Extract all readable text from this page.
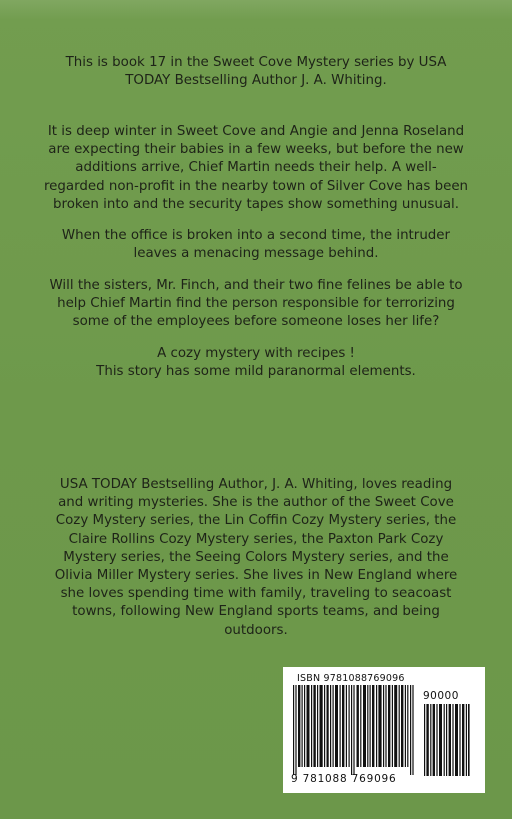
This is book 17 in the Sweet Cove Mystery series by USA
TODAY Bestselling Author J. A. Whiting.
It is deep winter in Sweet Cove and Angie and Jenna Roseland
are expecting their babies in a few weeks, but before the new
additions arrive, Chief Martin needs their help. A well-
regarded non-profit in the nearby town of Silver Cove has been
broken into and the security tapes show something unusual.
When the office is broken into a second time, the intruder
leaves a menacing message behind.
Will the sisters, Mr. Finch, and their two fine felines be able to
help Chief Martin find the person responsible for terrorizing
some of the employees before someone loses her life?
A cozy mystery with recipes !
This story has some mild paranormal elements.
USA TODAY Bestselling Author, J. A. Whiting, loves reading
and writing mysteries. She is the author of the Sweet Cove
Cozy Mystery series, the Lin Coffin Cozy Mystery series, the
Claire Rollins Cozy Mystery series, the Paxton Park Cozy
Mystery series, the Seeing Colors Mystery series, and the
Olivia Miller Mystery series. She lives in New England where
she loves spending time with family, traveling to seacoast
towns, following New England sports teams, and being
outdoors.
ISBN 9781088769096
90000
9 781088 769096
